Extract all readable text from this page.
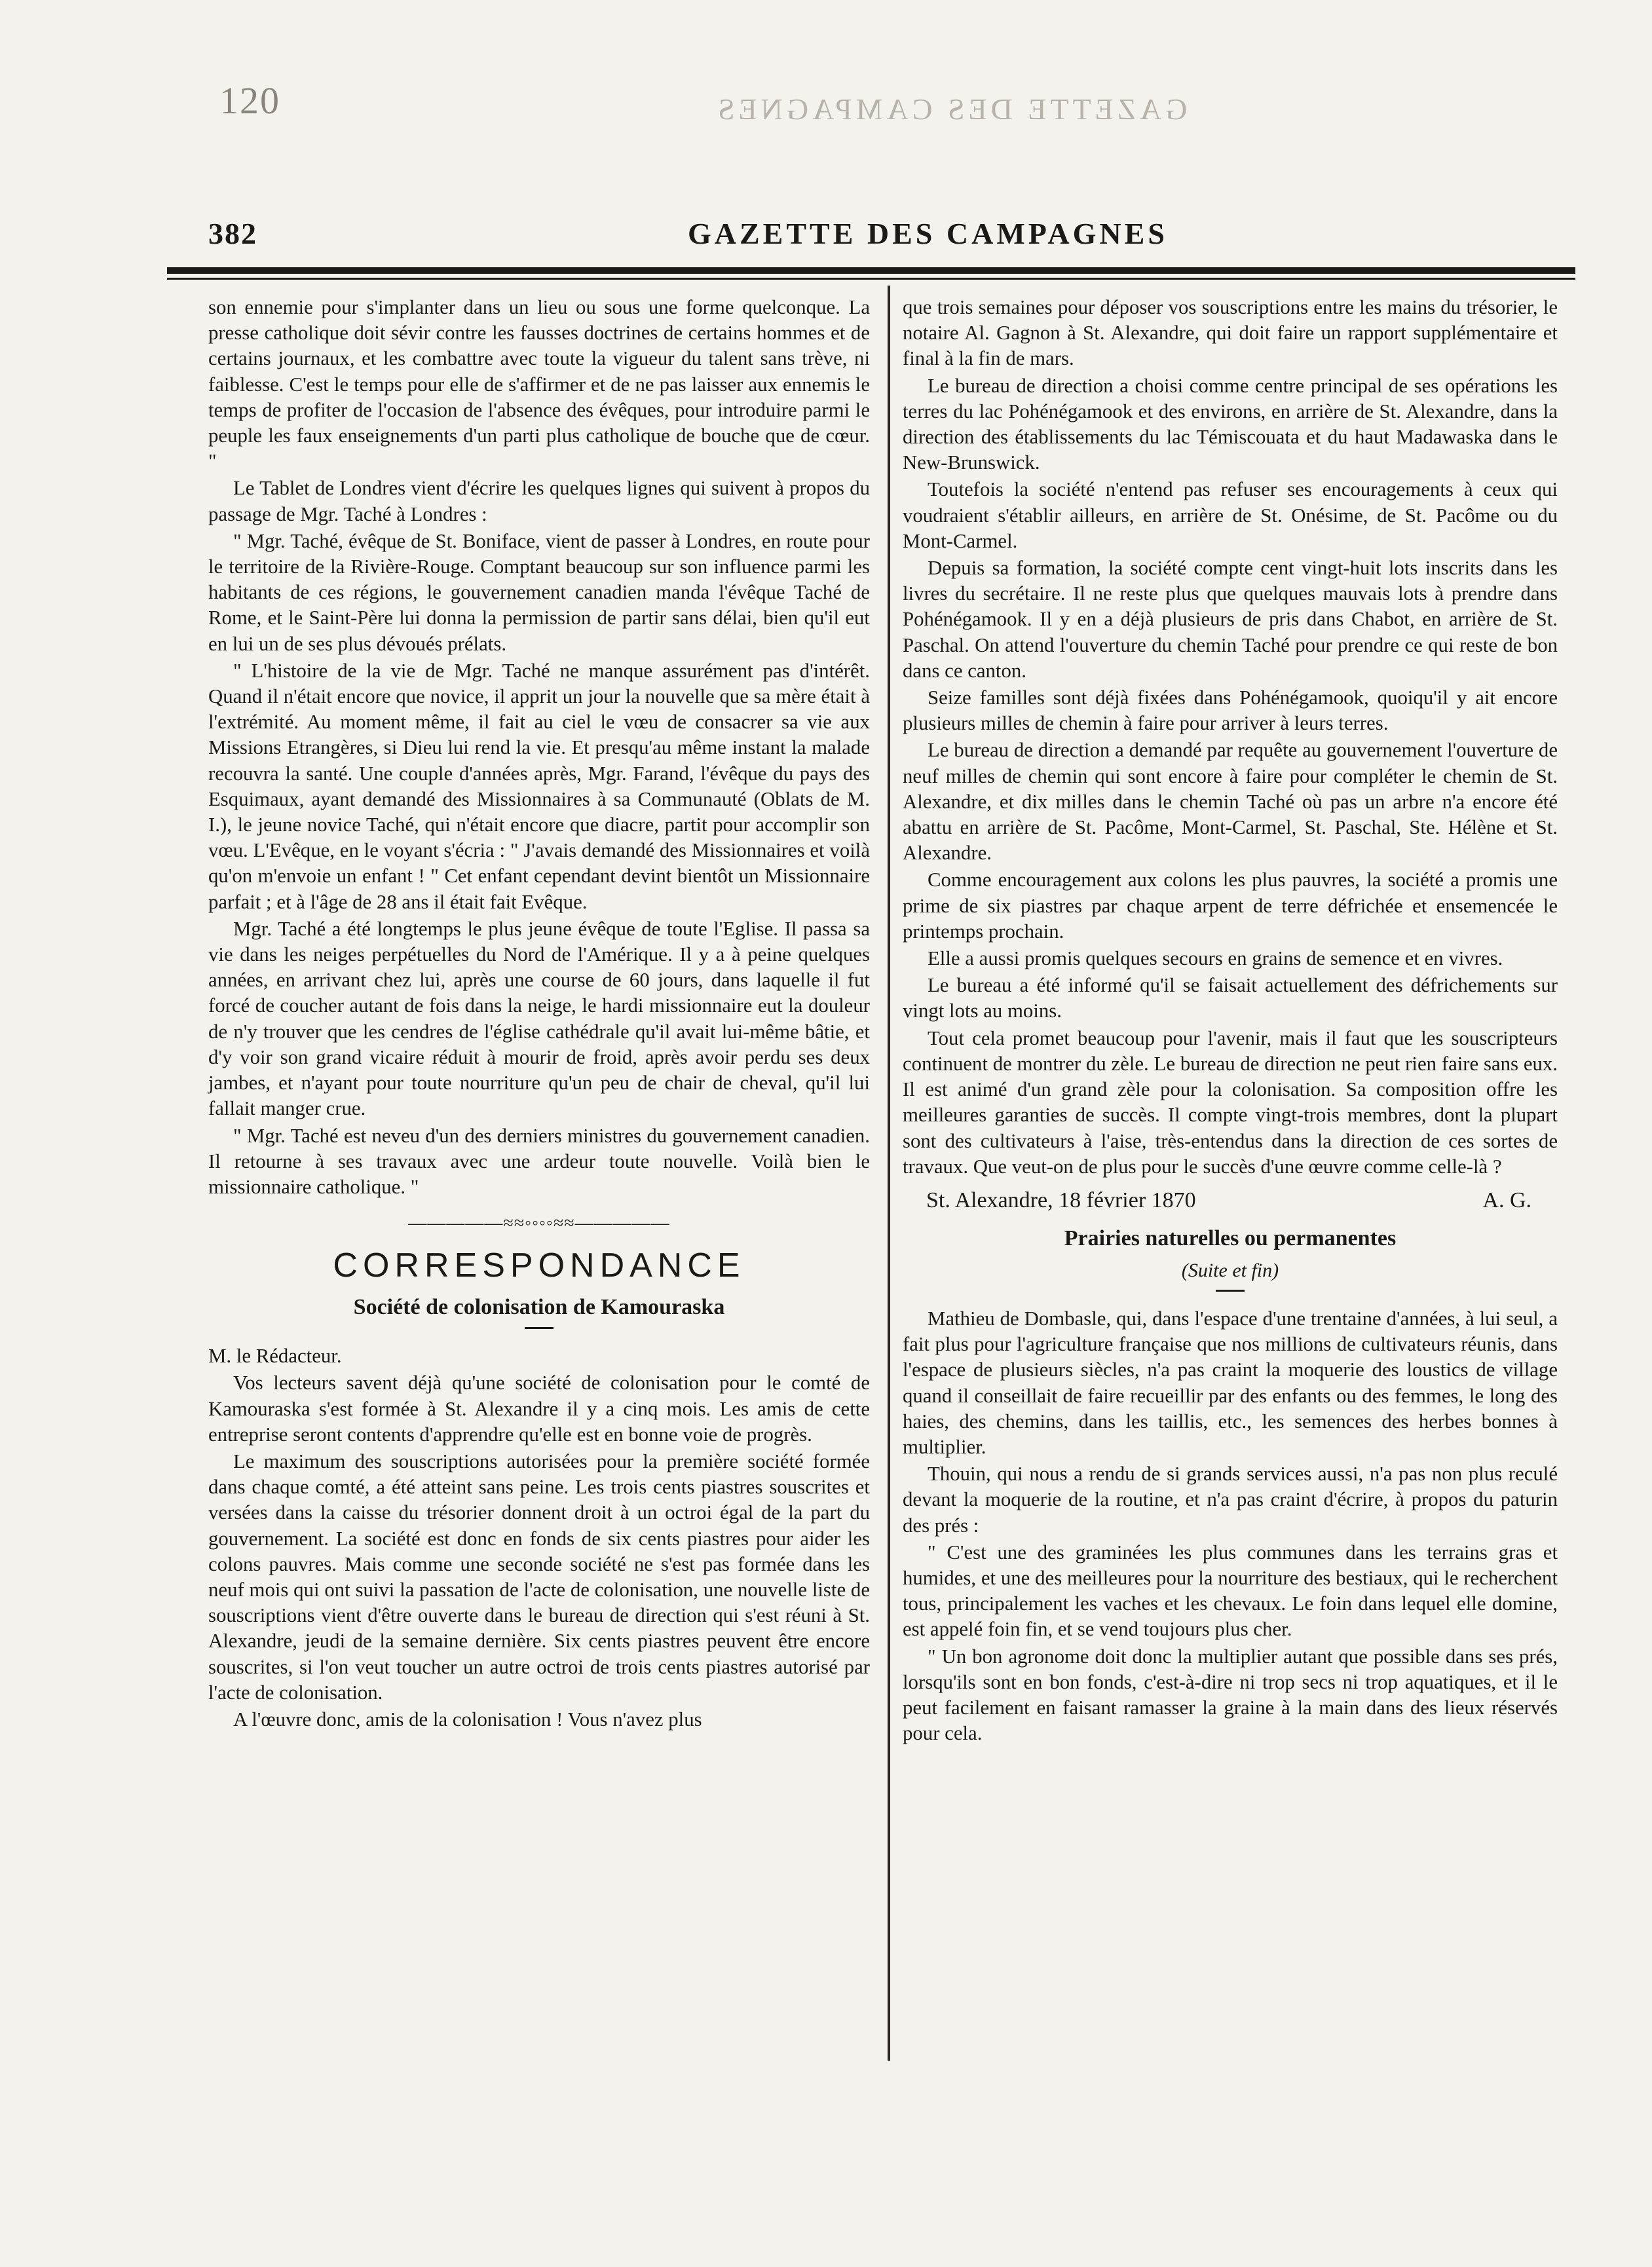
120	GAZETTE DES CAMPAGNES
382	GAZETTE DES CAMPAGNES

son ennemie pour s'implanter dans un lieu ou sous une forme quelconque. La presse catholique doit sévir contre les fausses doctrines de certains hommes et de certains journaux, et les combattre avec toute la vigueur du talent sans trève, ni faiblesse. C'est le temps pour elle de s'affirmer et de ne pas laisser aux ennemis le temps de profiter de l'occasion de l'absence des évêques, pour introduire parmi le peuple les faux enseignements d'un parti plus catholique de bouche que de cœur. "

Le Tablet de Londres vient d'écrire les quelques lignes qui suivent à propos du passage de Mgr. Taché à Londres :

" Mgr. Taché, évêque de St. Boniface, vient de passer à Londres, en route pour le territoire de la Rivière-Rouge. Comptant beaucoup sur son influence parmi les habitants de ces régions, le gouvernement canadien manda l'évêque Taché de Rome, et le Saint-Père lui donna la permission de partir sans délai, bien qu'il eut en lui un de ses plus dévoués prélats.

" L'histoire de la vie de Mgr. Taché ne manque assurément pas d'intérêt. Quand il n'était encore que novice, il apprit un jour la nouvelle que sa mère était à l'extrémité. Au moment même, il fait au ciel le vœu de consacrer sa vie aux Missions Etrangères, si Dieu lui rend la vie. Et presqu'au même instant la malade recouvra la santé. Une couple d'années après, Mgr. Farand, l'évêque du pays des Esquimaux, ayant demandé des Missionnaires à sa Communauté (Oblats de M. I.), le jeune novice Taché, qui n'était encore que diacre, partit pour accomplir son vœu. L'Evêque, en le voyant s'écria : " J'avais demandé des Missionnaires et voilà qu'on m'envoie un enfant ! " Cet enfant cependant devint bientôt un Missionnaire parfait ; et à l'âge de 28 ans il était fait Evêque.

Mgr. Taché a été longtemps le plus jeune évêque de toute l'Eglise. Il passa sa vie dans les neiges perpétuelles du Nord de l'Amérique. Il y a à peine quelques années, en arrivant chez lui, après une course de 60 jours, dans laquelle il fut forcé de coucher autant de fois dans la neige, le hardi missionnaire eut la douleur de n'y trouver que les cendres de l'église cathédrale qu'il avait lui-même bâtie, et d'y voir son grand vicaire réduit à mourir de froid, après avoir perdu ses deux jambes, et n'ayant pour toute nourriture qu'un peu de chair de cheval, qu'il lui fallait manger crue.

" Mgr. Taché est neveu d'un des derniers ministres du gouvernement canadien. Il retourne à ses travaux avec une ardeur toute nouvelle. Voilà bien le missionnaire catholique. "

—————≈≈◦◦◦◦≈≈—————
CORRESPONDANCE
Société de colonisation de Kamouraska

M. le Rédacteur.

Vos lecteurs savent déjà qu'une société de colonisation pour le comté de Kamouraska s'est formée à St. Alexandre il y a cinq mois. Les amis de cette entreprise seront contents d'apprendre qu'elle est en bonne voie de progrès.

Le maximum des souscriptions autorisées pour la première société formée dans chaque comté, a été atteint sans peine. Les trois cents piastres souscrites et versées dans la caisse du trésorier donnent droit à un octroi égal de la part du gouvernement. La société est donc en fonds de six cents piastres pour aider les colons pauvres. Mais comme une seconde société ne s'est pas formée dans les neuf mois qui ont suivi la passation de l'acte de colonisation, une nouvelle liste de souscriptions vient d'être ouverte dans le bureau de direction qui s'est réuni à St. Alexandre, jeudi de la semaine dernière. Six cents piastres peuvent être encore souscrites, si l'on veut toucher un autre octroi de trois cents piastres autorisé par l'acte de colonisation.

A l'œuvre donc, amis de la colonisation ! Vous n'avez plus

que trois semaines pour déposer vos souscriptions entre les mains du trésorier, le notaire Al. Gagnon à St. Alexandre, qui doit faire un rapport supplémentaire et final à la fin de mars.

Le bureau de direction a choisi comme centre principal de ses opérations les terres du lac Pohénégamook et des environs, en arrière de St. Alexandre, dans la direction des établissements du lac Témiscouata et du haut Madawaska dans le New-Brunswick.

Toutefois la société n'entend pas refuser ses encouragements à ceux qui voudraient s'établir ailleurs, en arrière de St. Onésime, de St. Pacôme ou du Mont-Carmel.

Depuis sa formation, la société compte cent vingt-huit lots inscrits dans les livres du secrétaire. Il ne reste plus que quelques mauvais lots à prendre dans Pohénégamook. Il y en a déjà plusieurs de pris dans Chabot, en arrière de St. Paschal. On attend l'ouverture du chemin Taché pour prendre ce qui reste de bon dans ce canton.

Seize familles sont déjà fixées dans Pohénégamook, quoiqu'il y ait encore plusieurs milles de chemin à faire pour arriver à leurs terres.

Le bureau de direction a demandé par requête au gouvernement l'ouverture de neuf milles de chemin qui sont encore à faire pour compléter le chemin de St. Alexandre, et dix milles dans le chemin Taché où pas un arbre n'a encore été abattu en arrière de St. Pacôme, Mont-Carmel, St. Paschal, Ste. Hélène et St. Alexandre.

Comme encouragement aux colons les plus pauvres, la société a promis une prime de six piastres par chaque arpent de terre défrichée et ensemencée le printemps prochain.

Elle a aussi promis quelques secours en grains de semence et en vivres.

Le bureau a été informé qu'il se faisait actuellement des défrichements sur vingt lots au moins.

Tout cela promet beaucoup pour l'avenir, mais il faut que les souscripteurs continuent de montrer du zèle. Le bureau de direction ne peut rien faire sans eux. Il est animé d'un grand zèle pour la colonisation. Sa composition offre les meilleures garanties de succès. Il compte vingt-trois membres, dont la plupart sont des cultivateurs à l'aise, très-entendus dans la direction de ces sortes de travaux. Que veut-on de plus pour le succès d'une œuvre comme celle-là ?

St. Alexandre, 18 février 1870	A. G.
Prairies naturelles ou permanentes
(Suite et fin)

Mathieu de Dombasle, qui, dans l'espace d'une trentaine d'années, à lui seul, a fait plus pour l'agriculture française que nos millions de cultivateurs réunis, dans l'espace de plusieurs siècles, n'a pas craint la moquerie des loustics de village quand il conseillait de faire recueillir par des enfants ou des femmes, le long des haies, des chemins, dans les taillis, etc., les semences des herbes bonnes à multiplier.

Thouin, qui nous a rendu de si grands services aussi, n'a pas non plus reculé devant la moquerie de la routine, et n'a pas craint d'écrire, à propos du paturin des prés :

" C'est une des graminées les plus communes dans les terrains gras et humides, et une des meilleures pour la nourriture des bestiaux, qui le recherchent tous, principalement les vaches et les chevaux. Le foin dans lequel elle domine, est appelé foin fin, et se vend toujours plus cher.

" Un bon agronome doit donc la multiplier autant que possible dans ses prés, lorsqu'ils sont en bon fonds, c'est-à-dire ni trop secs ni trop aquatiques, et il le peut facilement en faisant ramasser la graine à la main dans des lieux réservés pour cela.
